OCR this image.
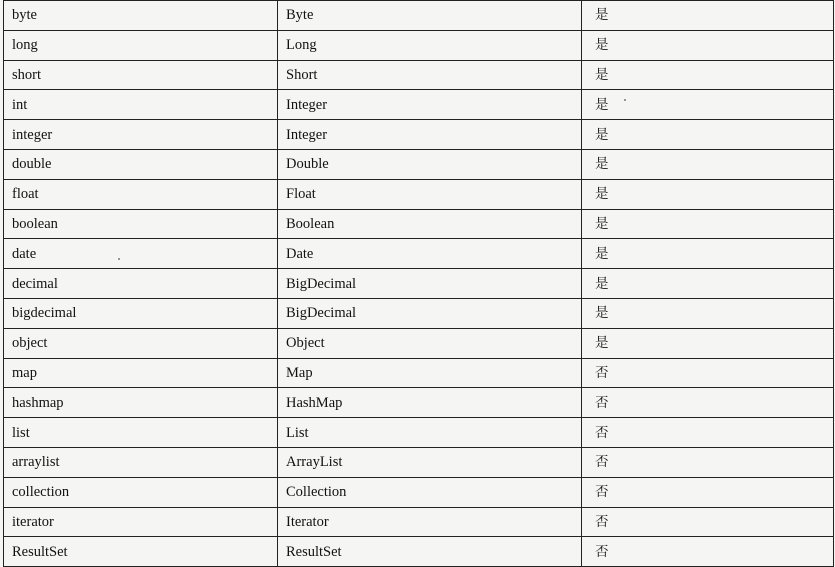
byte	Byte	是
long	Long	是
short	Short	是
int	Integer	是
integer	Integer	是
double	Double	是
float	Float	是
boolean	Boolean	是
date	Date	是
decimal	BigDecimal	是
bigdecimal	BigDecimal	是
object	Object	是
map	Map	否
hashmap	HashMap	否
list	List	否
arraylist	ArrayList	否
collection	Collection	否
iterator	Iterator	否
ResultSet	ResultSet	否
